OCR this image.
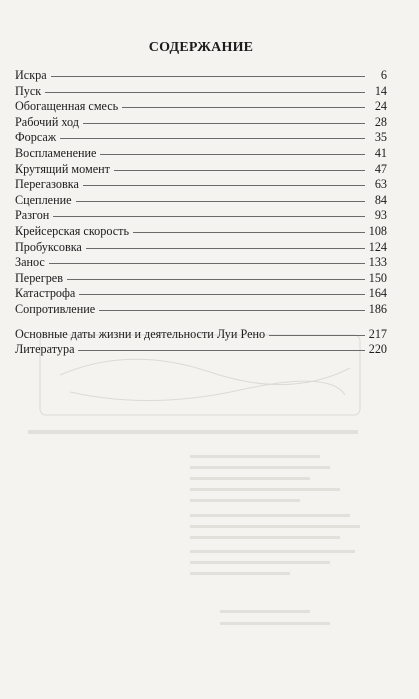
СОДЕРЖАНИЕ
Искра	6
Пуск	14
Обогащенная смесь	24
Рабочий ход	28
Форсаж	35
Воспламенение	41
Крутящий момент	47
Перегазовка	63
Сцепление	84
Разгон	93
Крейсерская скорость	108
Пробуксовка	124
Занос	133
Перегрев	150
Катастрофа	164
Сопротивление	186
Основные даты жизни и деятельности Луи Рено	217
Литература	220
